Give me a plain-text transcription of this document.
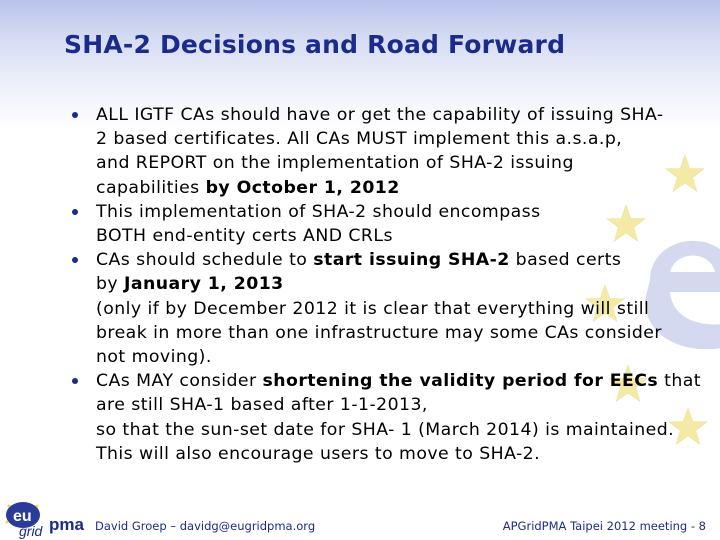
SHA-2 Decisions and Road Forward
ALL IGTF CAs should have or get the capability of issuing SHA-
2 based certificates. All CAs MUST implement this a.s.a.p,
and REPORT on the implementation of SHA-2 issuing
capabilities by October 1, 2012
This implementation of SHA-2 should encompass
BOTH end-entity certs AND CRLs
CAs should schedule to start issuing SHA-2 based certs
by January 1, 2013
(only if by December 2012 it is clear that everything will still
break in more than one infrastructure may some CAs consider
not moving).
CAs MAY consider shortening the validity period for EECs that
are still SHA-1 based after 1-1-2013,
so that the sun-set date for SHA- 1 (March 2014) is maintained.
This will also encourage users to move to SHA-2.
eu
grid pma David Groep – davidg@eugridpma.org	APGridPMA Taipei 2012 meeting - 8
